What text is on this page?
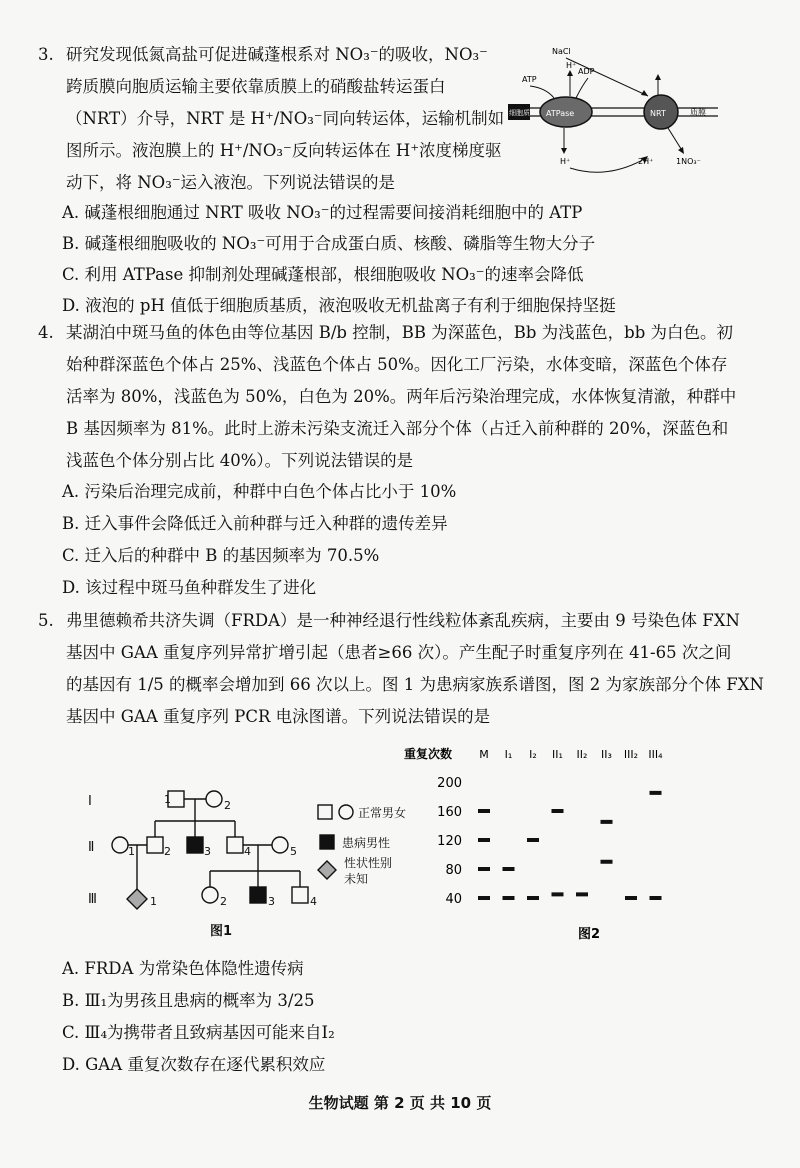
3. 研究发现低氮高盐可促进碱蓬根系对 NO₃⁻的吸收，NO₃⁻
跨质膜向胞质运输主要依靠质膜上的硝酸盐转运蛋白
（NRT）介导，NRT 是 H⁺/NO₃⁻同向转运体，运输机制如
图所示。液泡膜上的 H⁺/NO₃⁻反向转运体在 H⁺浓度梯度驱
动下，将 NO₃⁻运入液泡。下列说法错误的是
A. 碱蓬根细胞通过 NRT 吸收 NO₃⁻的过程需要间接消耗细胞中的 ATP
B. 碱蓬根细胞吸收的 NO₃⁻可用于合成蛋白质、核酸、磷脂等生物大分子
C. 利用 ATPase 抑制剂处理碱蓬根部，根细胞吸收 NO₃⁻的速率会降低
D. 液泡的 pH 值低于细胞质基质，液泡吸收无机盐离子有利于细胞保持坚挺
细胞质	质膜
ATPase	NRT
NaCl
ATP
H⁺
ADP
H⁺	2H⁺	1NO₃⁻
4. 某湖泊中斑马鱼的体色由等位基因 B/b 控制，BB 为深蓝色，Bb 为浅蓝色，bb 为白色。初
始种群深蓝色个体占 25%、浅蓝色个体占 50%。因化工厂污染，水体变暗，深蓝色个体存
活率为 80%，浅蓝色为 50%，白色为 20%。两年后污染治理完成，水体恢复清澈，种群中
B 基因频率为 81%。此时上游未污染支流迁入部分个体（占迁入前种群的 20%，深蓝色和
浅蓝色个体分别占比 40%）。下列说法错误的是
A. 污染后治理完成前，种群中白色个体占比小于 10%
B. 迁入事件会降低迁入前种群与迁入种群的遗传差异
C. 迁入后的种群中 B 的基因频率为 70.5%
D. 该过程中斑马鱼种群发生了进化
5. 弗里德赖希共济失调（FRDA）是一种神经退行性线粒体紊乱疾病，主要由 9 号染色体 FXN
基因中 GAA 重复序列异常扩增引起（患者≥66 次）。产生配子时重复序列在 41-65 次之间
的基因有 1/5 的概率会增加到 66 次以上。图 1 为患病家族系谱图，图 2 为家族部分个体 FXN
基因中 GAA 重复序列 PCR 电泳图谱。下列说法错误的是
Ⅰ
Ⅱ
Ⅲ
1	2
1	2	3	4	5
1	2	3	4
正常男女
患病男性
性状性别
未知
图1
重复次数 M I₁ I₂ II₁ II₂ II₃ III₂ III₄
200
160
120
80
40
图2
A. FRDA 为常染色体隐性遗传病
B. Ⅲ₁为男孩且患病的概率为 3/25
C. Ⅲ₄为携带者且致病基因可能来自Ⅰ₂
D. GAA 重复次数存在逐代累积效应
生物试题 第 2 页 共 10 页
